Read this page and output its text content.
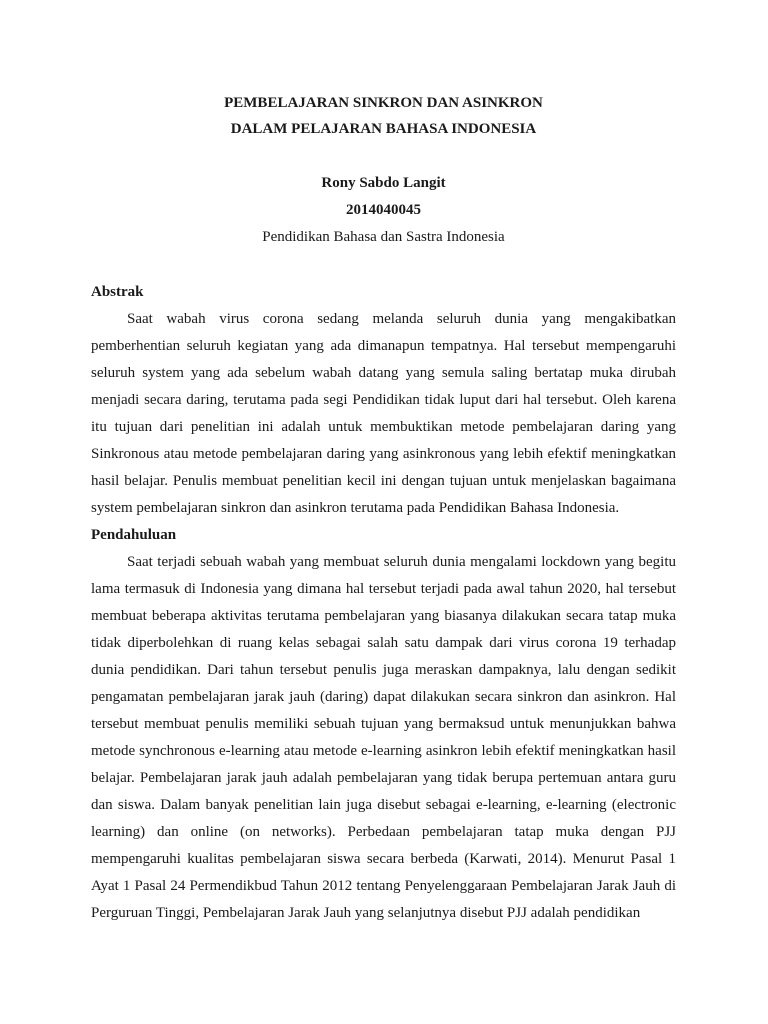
PEMBELAJARAN SINKRON DAN ASINKRON

DALAM PELAJARAN BAHASA INDONESIA

Rony Sabdo Langit
2014040045
Pendidikan Bahasa dan Sastra Indonesia

Abstrak

Saat wabah virus corona sedang melanda seluruh dunia yang mengakibatkan pemberhentian seluruh kegiatan yang ada dimanapun tempatnya. Hal tersebut mempengaruhi seluruh system yang ada sebelum wabah datang yang semula saling bertatap muka dirubah menjadi secara daring, terutama pada segi Pendidikan tidak luput dari hal tersebut. Oleh karena itu tujuan dari penelitian ini adalah untuk membuktikan metode pembelajaran daring yang Sinkronous atau metode pembelajaran daring yang asinkronous yang lebih efektif meningkatkan hasil belajar. Penulis membuat penelitian kecil ini dengan tujuan untuk menjelaskan bagaimana system pembelajaran sinkron dan asinkron terutama pada Pendidikan Bahasa Indonesia.

Pendahuluan

Saat terjadi sebuah wabah yang membuat seluruh dunia mengalami lockdown yang begitu lama termasuk di Indonesia yang dimana hal tersebut terjadi pada awal tahun 2020, hal tersebut membuat beberapa aktivitas terutama pembelajaran yang biasanya dilakukan secara tatap muka tidak diperbolehkan di ruang kelas sebagai salah satu dampak dari virus corona 19 terhadap dunia pendidikan. Dari tahun tersebut penulis juga meraskan dampaknya, lalu dengan sedikit pengamatan pembelajaran jarak jauh (daring) dapat dilakukan secara sinkron dan asinkron. Hal tersebut membuat penulis memiliki sebuah tujuan yang bermaksud untuk menunjukkan bahwa metode synchronous e-learning atau metode e-learning asinkron lebih efektif meningkatkan hasil belajar. Pembelajaran jarak jauh adalah pembelajaran yang tidak berupa pertemuan antara guru dan siswa. Dalam banyak penelitian lain juga disebut sebagai e-learning, e-learning (electronic learning) dan online (on networks). Perbedaan pembelajaran tatap muka dengan PJJ mempengaruhi kualitas pembelajaran siswa secara berbeda (Karwati, 2014). Menurut Pasal 1 Ayat 1 Pasal 24 Permendikbud Tahun 2012 tentang Penyelenggaraan Pembelajaran Jarak Jauh di Perguruan Tinggi, Pembelajaran Jarak Jauh yang selanjutnya disebut PJJ adalah pendidikan
